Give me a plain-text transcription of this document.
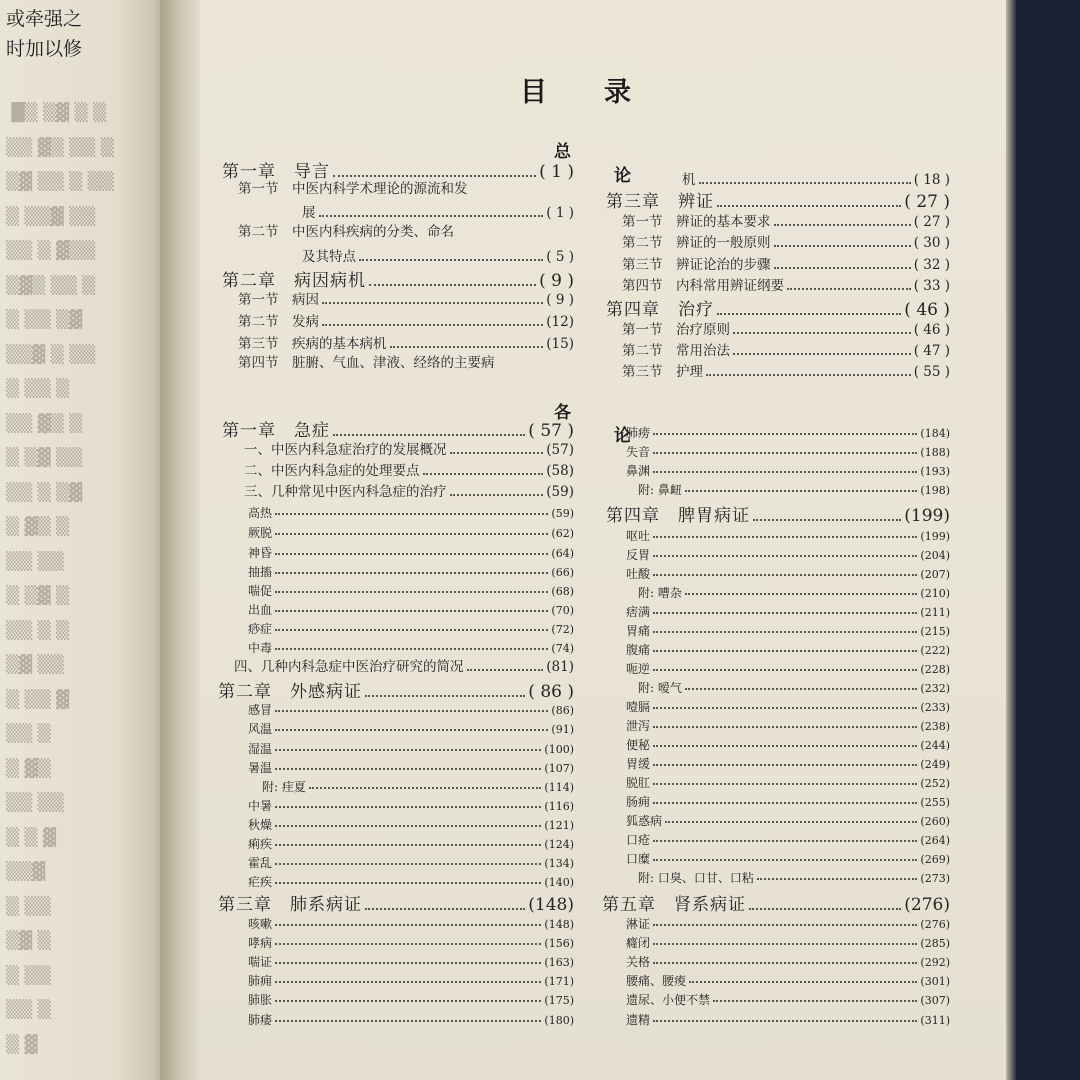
或牵强之
时加以修
█▒ ▒▓ ▒ ▒
▒▒ ▓▒ ▒▒ ▒
▒▓ ▒▒ ▒ ▒▒
▒ ▒▒▓ ▒▒
▒▒ ▒ ▓▒▒
▒▓▒ ▒▒ ▒
▒ ▒▒ ▒▓
▒▒▓ ▒ ▒▒
▒ ▒▒ ▒
▒▒ ▓▒ ▒
▒ ▒▓ ▒▒
▒▒ ▒ ▒▓
▒ ▓▒ ▒
▒▒ ▒▒
▒ ▒▓ ▒
▒▒ ▒ ▒
▒▓ ▒▒
▒ ▒▒ ▓
▒▒ ▒
▒ ▓▒
▒▒ ▒▒
▒ ▒ ▓
▒▒▓
▒ ▒▒
▒▓ ▒
▒ ▒▒
▒▒ ▒
▒ ▓
目 录
总
论
各
论
第一章　导言	( 1 )
第一节　中医内科学术理论的源流和发
展	( 1 )
第二节　中医内科疾病的分类、命名
及其特点	( 5 )
第二章　病因病机	( 9 )
第一节　病因	( 9 )
第二节　发病	(12)
第三节　疾病的基本病机	(15)
第四节　脏腑、气血、津液、经络的主要病
第一章　急症	( 57 )
一、中医内科急症治疗的发展概况	(57)
二、中医内科急症的处理要点	(58)
三、几种常见中医内科急症的治疗	(59)
高热	(59)
厥脱	(62)
神昏	(64)
抽搐	(66)
喘促	(68)
出血	(70)
痧症	(72)
中毒	(74)
四、几种内科急症中医治疗研究的简况	(81)
第二章　外感病证	( 86 )
感冒	(86)
风温	(91)
湿温	(100)
暑温	(107)
附: 疰夏	(114)
中暑	(116)
秋燥	(121)
痢疾	(124)
霍乱	(134)
疟疾	(140)
第三章　肺系病证	(148)
咳嗽	(148)
哮病	(156)
喘证	(163)
肺痈	(171)
肺胀	(175)
肺痿	(180)
机	( 18 )
第三章　辨证	( 27 )
第一节　辨证的基本要求	( 27 )
第二节　辨证的一般原则	( 30 )
第三节　辨证论治的步骤	( 32 )
第四节　内科常用辨证纲要	( 33 )
第四章　治疗	( 46 )
第一节　治疗原则	( 46 )
第二节　常用治法	( 47 )
第三节　护理	( 55 )
肺痨	(184)
失音	(188)
鼻渊	(193)
附: 鼻衄	(198)
第四章　脾胃病证	(199)
呕吐	(199)
反胃	(204)
吐酸	(207)
附: 嘈杂	(210)
痞满	(211)
胃痛	(215)
腹痛	(222)
呃逆	(228)
附: 嗳气	(232)
噎膈	(233)
泄泻	(238)
便秘	(244)
胃缓	(249)
脱肛	(252)
肠痈	(255)
狐惑病	(260)
口疮	(264)
口糜	(269)
附: 口臭、口甘、口粘	(273)
第五章　肾系病证	(276)
淋证	(276)
癃闭	(285)
关格	(292)
腰痛、腰痠	(301)
遗尿、小便不禁	(307)
遗精	(311)
